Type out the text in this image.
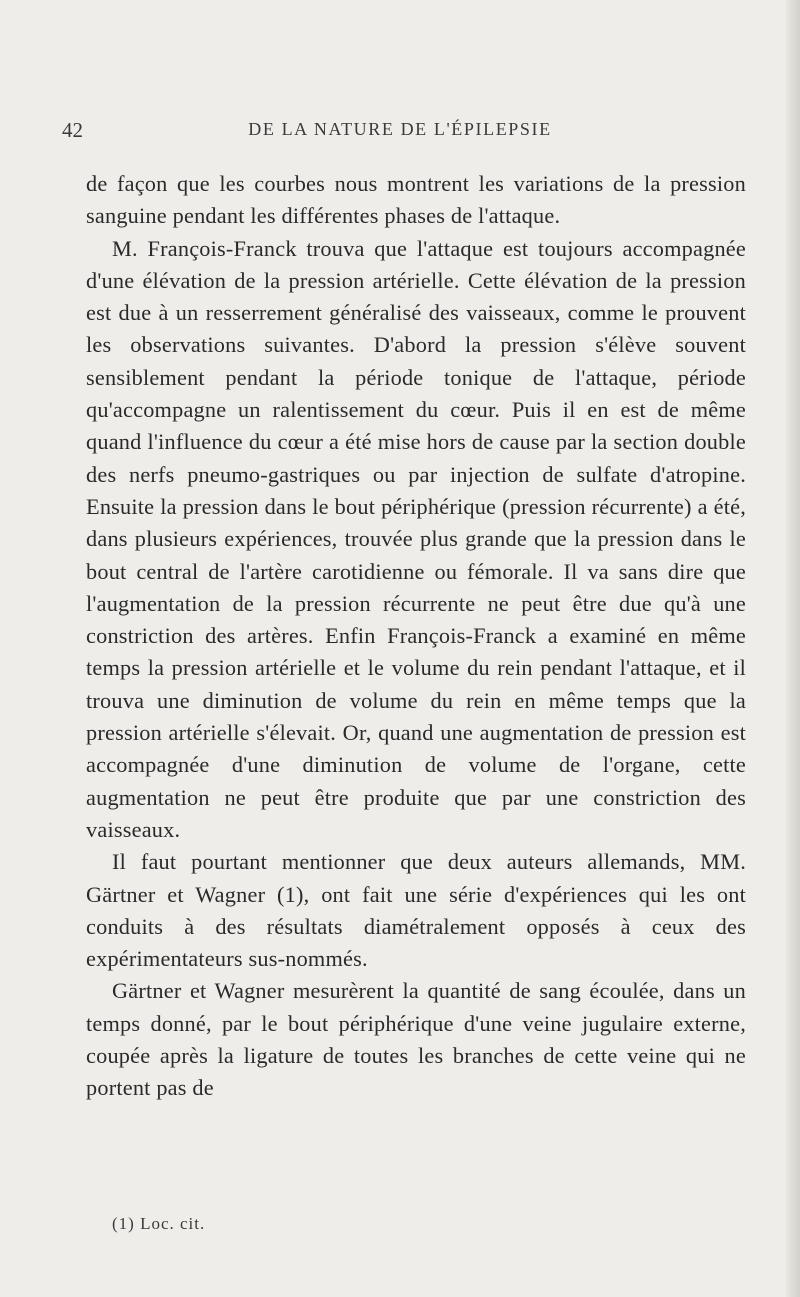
42	DE LA NATURE DE L'ÉPILEPSIE

de façon que les courbes nous montrent les variations de la pression sanguine pendant les différentes phases de l'attaque.

M. François-Franck trouva que l'attaque est toujours accompagnée d'une élévation de la pression artérielle. Cette élévation de la pression est due à un resserrement généralisé des vaisseaux, comme le prouvent les observations suivantes. D'abord la pression s'élève souvent sensiblement pendant la période tonique de l'attaque, période qu'accompagne un ralentissement du cœur. Puis il en est de même quand l'influence du cœur a été mise hors de cause par la section double des nerfs pneumo-gastriques ou par injection de sulfate d'atropine. Ensuite la pression dans le bout périphérique (pression récurrente) a été, dans plusieurs expériences, trouvée plus grande que la pression dans le bout central de l'artère carotidienne ou fémorale. Il va sans dire que l'augmentation de la pression récurrente ne peut être due qu'à une constriction des artères. Enfin François-Franck a examiné en même temps la pression artérielle et le volume du rein pendant l'attaque, et il trouva une diminution de volume du rein en même temps que la pression artérielle s'élevait. Or, quand une augmentation de pression est accompagnée d'une diminution de volume de l'organe, cette augmentation ne peut être produite que par une constriction des vaisseaux.

Il faut pourtant mentionner que deux auteurs allemands, MM. Gärtner et Wagner (1), ont fait une série d'expériences qui les ont conduits à des résultats diamétralement opposés à ceux des expérimentateurs sus-nommés.

Gärtner et Wagner mesurèrent la quantité de sang écoulée, dans un temps donné, par le bout périphérique d'une veine jugulaire externe, coupée après la ligature de toutes les branches de cette veine qui ne portent pas de

(1) Loc. cit.
